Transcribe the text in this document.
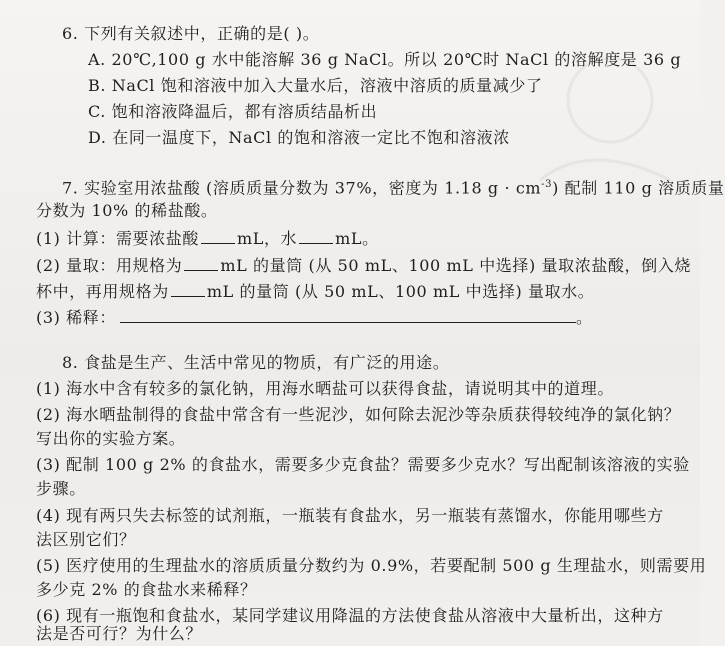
6. 下列有关叙述中，正确的是( )。
A. 20℃,100 g 水中能溶解 36 g NaCl。所以 20℃时 NaCl 的溶解度是 36 g
B. NaCl 饱和溶液中加入大量水后，溶液中溶质的质量减少了
C. 饱和溶液降温后，都有溶质结晶析出
D. 在同一温度下，NaCl 的饱和溶液一定比不饱和溶液浓
7. 实验室用浓盐酸 (溶质质量分数为 37%，密度为 1.18 $g \cdot cm^{-3}$) 配制 110 g 溶质质量
分数为 10% 的稀盐酸。
(1) 计算：需要浓盐酸 mL，水 mL。
(2) 量取：用规格为 mL 的量筒 (从 50 mL、100 mL 中选择) 量取浓盐酸，倒入烧
杯中，再用规格为 mL 的量筒 (从 50 mL、100 mL 中选择) 量取水。
(3) 稀释：	。
8. 食盐是生产、生活中常见的物质，有广泛的用途。
(1) 海水中含有较多的氯化钠，用海水晒盐可以获得食盐，请说明其中的道理。
(2) 海水晒盐制得的食盐中常含有一些泥沙，如何除去泥沙等杂质获得较纯净的氯化钠？
写出你的实验方案。
(3) 配制 100 g 2% 的食盐水，需要多少克食盐？需要多少克水？写出配制该溶液的实验
步骤。
(4) 现有两只失去标签的试剂瓶，一瓶装有食盐水，另一瓶装有蒸馏水，你能用哪些方
法区别它们？
(5) 医疗使用的生理盐水的溶质质量分数约为 0.9%，若要配制 500 g 生理盐水，则需要用
多少克 2% 的食盐水来稀释？
(6) 现有一瓶饱和食盐水，某同学建议用降温的方法使食盐从溶液中大量析出，这种方
法是否可行？为什么？
